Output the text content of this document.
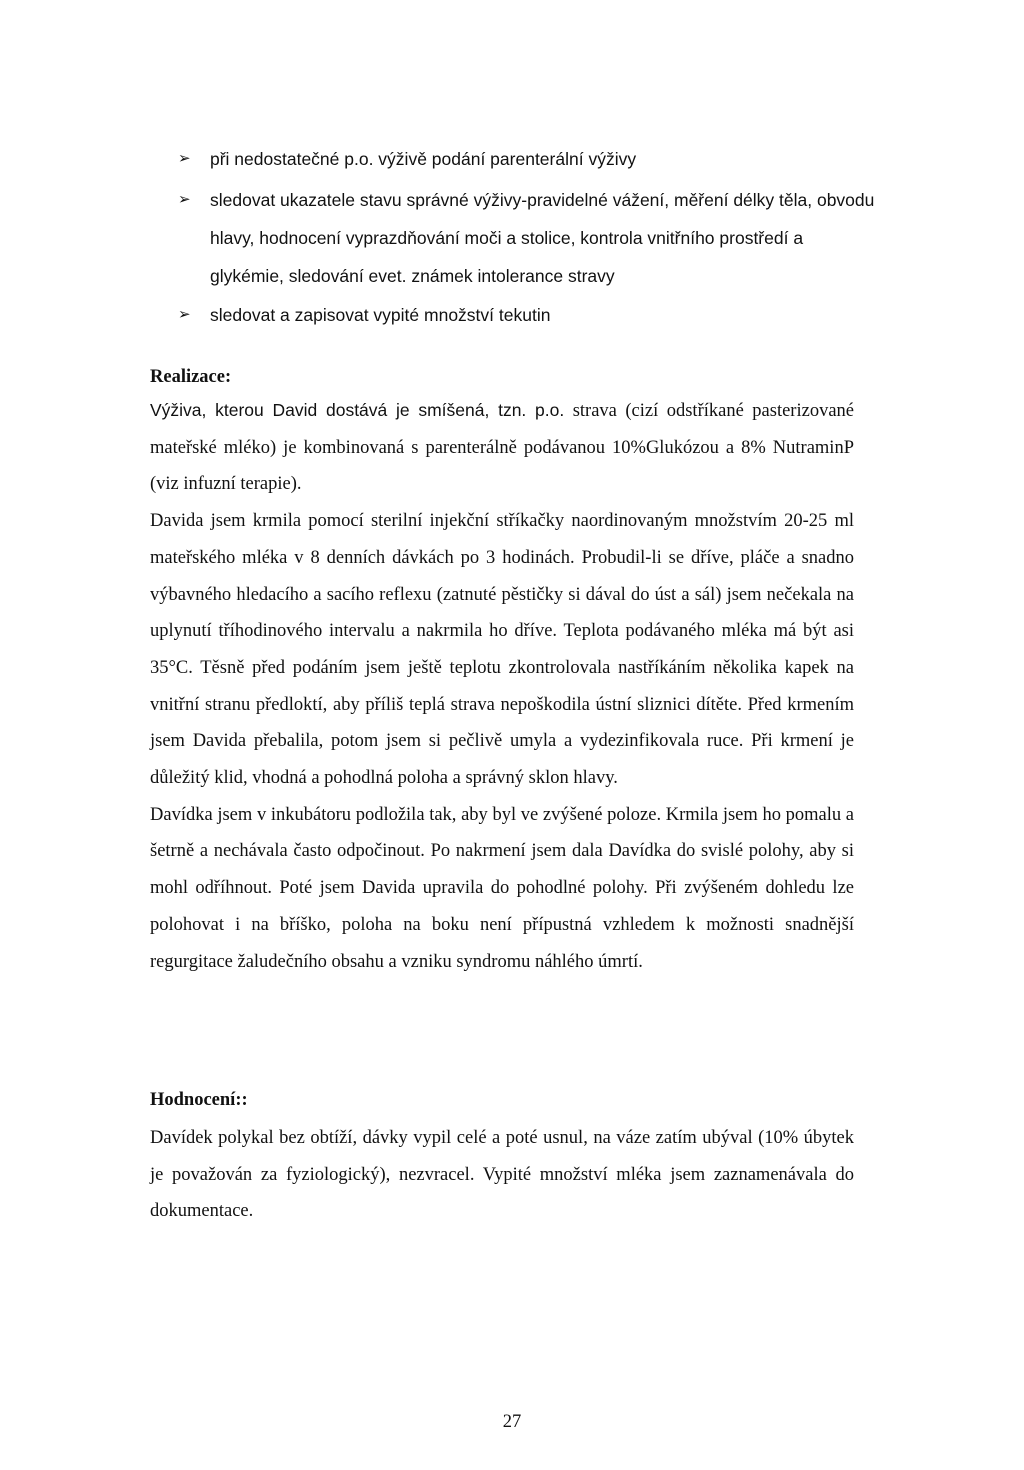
➢ při nedostatečné p.o. výživě podání parenterální výživy
➢ sledovat ukazatele stavu správné výživy-pravidelné vážení, měření délky těla, obvodu hlavy, hodnocení vyprazdňování moči a stolice, kontrola vnitřního prostředí a glykémie, sledování evet. známek intolerance stravy
➢ sledovat a zapisovat vypité množství tekutin
Realizace:

Výživa, kterou David dostává je smíšená, tzn. p.o. strava (cizí odstříkané pasterizované mateřské mléko) je kombinovaná s parenterálně podávanou 10%Glukózou a 8% NutraminP (viz infuzní terapie).

Davida jsem krmila pomocí sterilní injekční stříkačky naordinovaným množstvím 20-25 ml mateřského mléka v 8 denních dávkách po 3 hodinách. Probudil-li se dříve, pláče a snadno výbavného hledacího a sacího reflexu (zatnuté pěstičky si dával do úst a sál) jsem nečekala na uplynutí tříhodinového intervalu a nakrmila ho dříve. Teplota podávaného mléka má být asi 35°C. Těsně před podáním jsem ještě teplotu zkontrolovala nastříkáním několika kapek na vnitřní stranu předloktí, aby příliš teplá strava nepoškodila ústní sliznici dítěte. Před krmením jsem Davida přebalila, potom jsem si pečlivě umyla a vydezinfikovala ruce. Při krmení je důležitý klid, vhodná a pohodlná poloha a správný sklon hlavy.

Davídka jsem v inkubátoru podložila tak, aby byl ve zvýšené poloze. Krmila jsem ho pomalu a šetrně a nechávala často odpočinout. Po nakrmení jsem dala Davídka do svislé polohy, aby si mohl odříhnout. Poté jsem Davida upravila do pohodlné polohy. Při zvýšeném dohledu lze polohovat i na bříško, poloha na boku není přípustná vzhledem k možnosti snadnější regurgitace žaludečního obsahu a vzniku syndromu náhlého úmrtí.

Hodnocení::

Davídek polykal bez obtíží, dávky vypil celé a poté usnul, na váze zatím ubýval (10% úbytek je považován za fyziologický), nezvracel. Vypité množství mléka jsem zaznamenávala do dokumentace.

27
